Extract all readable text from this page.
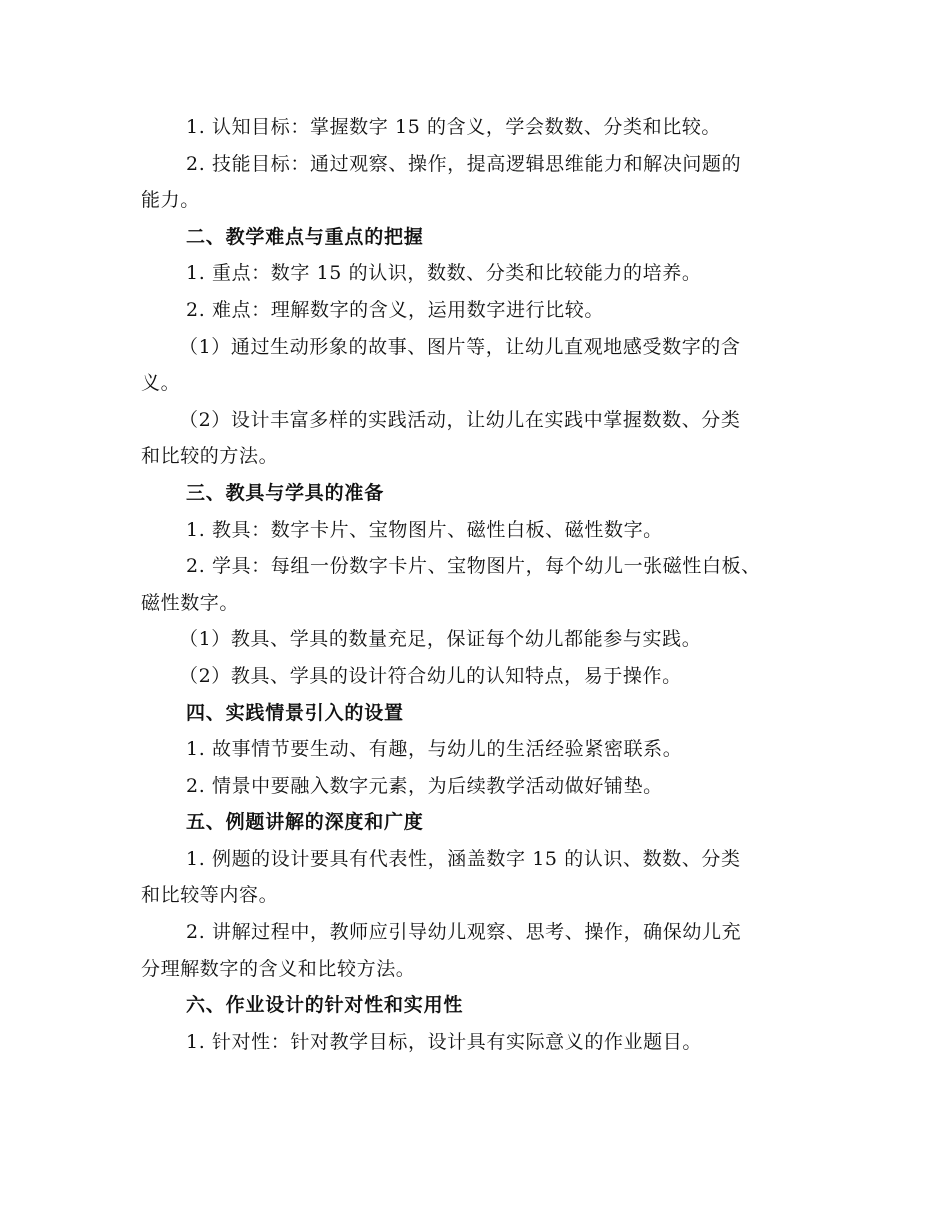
1. 认知目标：掌握数字 15 的含义，学会数数、分类和比较。

2. 技能目标：通过观察、操作，提高逻辑思维能力和解决问题的

能力。

二、教学难点与重点的把握

1. 重点：数字 15 的认识，数数、分类和比较能力的培养。

2. 难点：理解数字的含义，运用数字进行比较。

（1）通过生动形象的故事、图片等，让幼儿直观地感受数字的含

义。

（2）设计丰富多样的实践活动，让幼儿在实践中掌握数数、分类

和比较的方法。

三、教具与学具的准备

1. 教具：数字卡片、宝物图片、磁性白板、磁性数字。

2. 学具：每组一份数字卡片、宝物图片，每个幼儿一张磁性白板、

磁性数字。

（1）教具、学具的数量充足，保证每个幼儿都能参与实践。

（2）教具、学具的设计符合幼儿的认知特点，易于操作。

四、实践情景引入的设置

1. 故事情节要生动、有趣，与幼儿的生活经验紧密联系。

2. 情景中要融入数字元素，为后续教学活动做好铺垫。

五、例题讲解的深度和广度

1. 例题的设计要具有代表性，涵盖数字 15 的认识、数数、分类

和比较等内容。

2. 讲解过程中，教师应引导幼儿观察、思考、操作，确保幼儿充

分理解数字的含义和比较方法。

六、作业设计的针对性和实用性

1. 针对性：针对教学目标，设计具有实际意义的作业题目。
